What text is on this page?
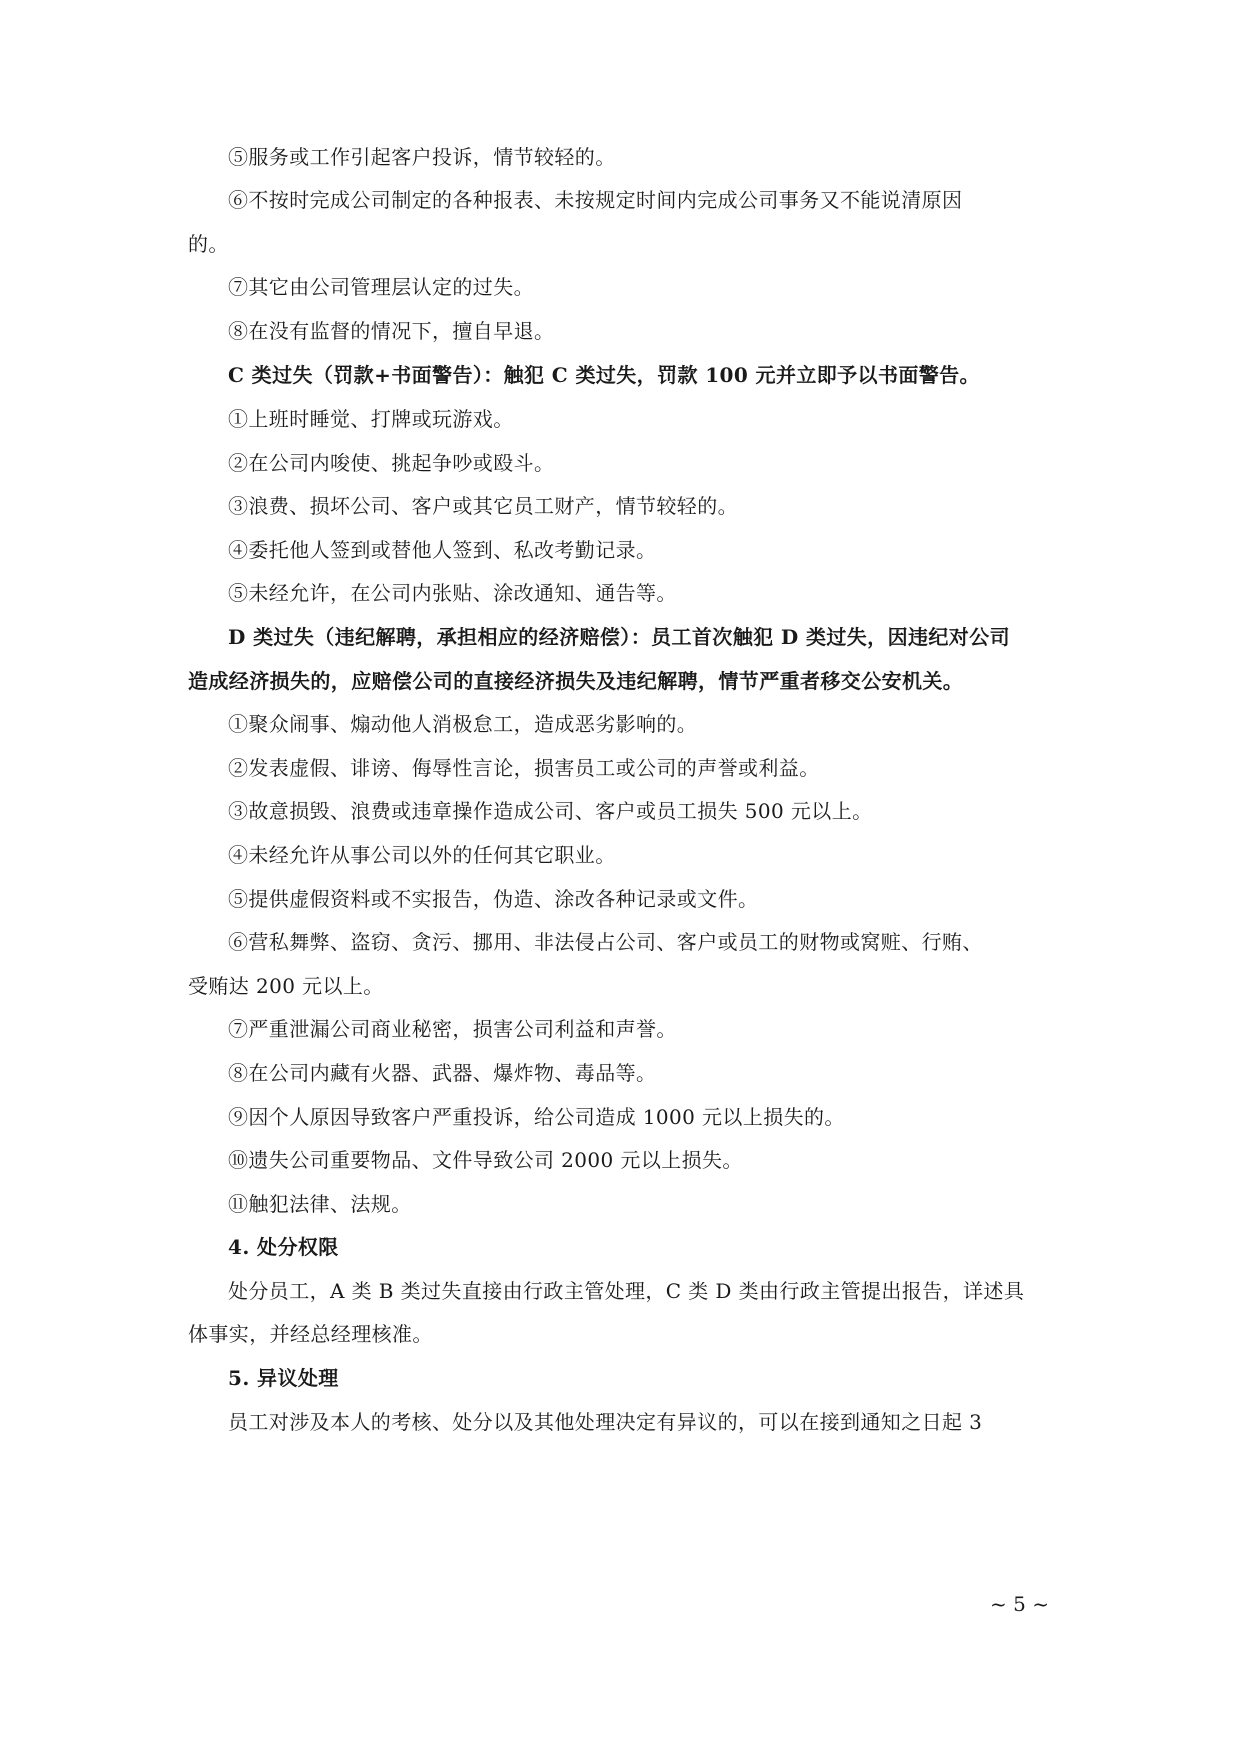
⑤服务或工作引起客户投诉，情节较轻的。
⑥不按时完成公司制定的各种报表、未按规定时间内完成公司事务又不能说清原因
的。
⑦其它由公司管理层认定的过失。
⑧在没有监督的情况下，擅自早退。
C 类过失（罚款+书面警告）：触犯 C 类过失，罚款 100 元并立即予以书面警告。
①上班时睡觉、打牌或玩游戏。
②在公司内唆使、挑起争吵或殴斗。
③浪费、损坏公司、客户或其它员工财产，情节较轻的。
④委托他人签到或替他人签到、私改考勤记录。
⑤未经允许，在公司内张贴、涂改通知、通告等。
D 类过失（违纪解聘，承担相应的经济赔偿）：员工首次触犯 D 类过失，因违纪对公司
造成经济损失的，应赔偿公司的直接经济损失及违纪解聘，情节严重者移交公安机关。
①聚众闹事、煽动他人消极怠工，造成恶劣影响的。
②发表虚假、诽谤、侮辱性言论，损害员工或公司的声誉或利益。
③故意损毁、浪费或违章操作造成公司、客户或员工损失 500 元以上。
④未经允许从事公司以外的任何其它职业。
⑤提供虚假资料或不实报告，伪造、涂改各种记录或文件。
⑥营私舞弊、盗窃、贪污、挪用、非法侵占公司、客户或员工的财物或窝赃、行贿、
受贿达 200 元以上。
⑦严重泄漏公司商业秘密，损害公司利益和声誉。
⑧在公司内藏有火器、武器、爆炸物、毒品等。
⑨因个人原因导致客户严重投诉，给公司造成 1000 元以上损失的。
⑩遗失公司重要物品、文件导致公司 2000 元以上损失。
⑪触犯法律、法规。
4. 处分权限
处分员工，A 类 B 类过失直接由行政主管处理，C 类 D 类由行政主管提出报告，详述具
体事实，并经总经理核准。
5. 异议处理
员工对涉及本人的考核、处分以及其他处理决定有异议的，可以在接到通知之日起 3
~ 5 ~
